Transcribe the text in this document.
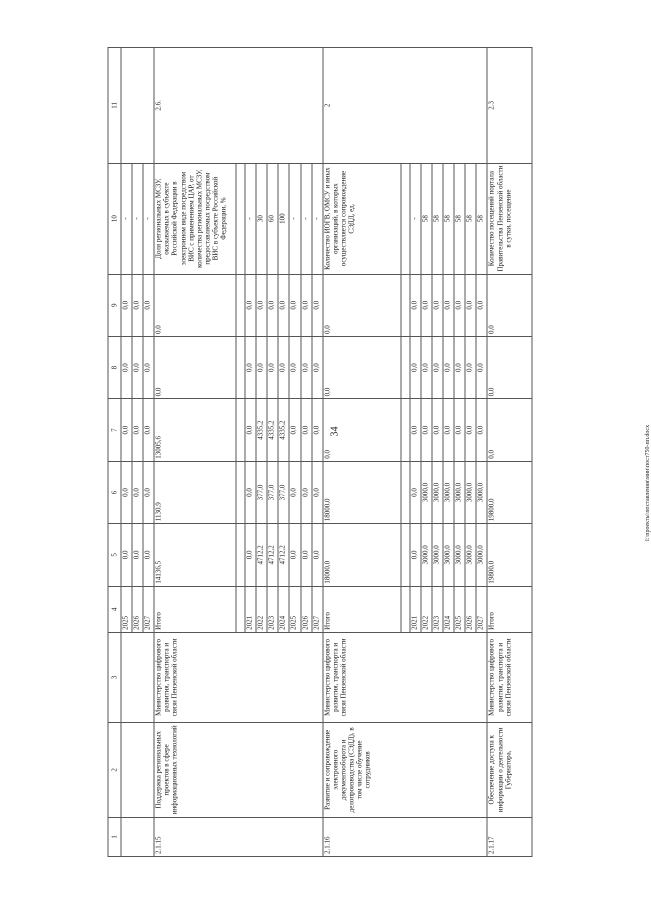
34
1	2	3	4	5	6	7	8	9	10	11
			2025	0,0	0,0	0,0	0,0	0,0	-	
			2026	0,0	0,0	0,0	0,0	0,0	-	
			2027	0,0	0,0	0,0	0,0	0,0	-	
2.1.15	Поддержка региональных проектов в сфере информационных технологий	Министерство цифрового развития, транспорта и связи Пензенской области	Итого	14136,5	1130,9	13005,6	0,0	0,0	Доля региональных МСЗУ, оказываемых в субъекте Российской Федерации в электронном виде посредством ВИС с применением ЦАР, от количества региональных МСЗУ, предоставляемых посредством ВИС в субъекте Российской Федерации, %	2.6.

			2021	0,0	0,0	0,0	0,0	0,0	-	
			2022	4712,2	377,0	4335,2	0,0	0,0	30	
			2023	4712,2	377,0	4335,2	0,0	0,0	60	
			2024	4712,2	377,0	4335,2	0,0	0,0	100	
			2025	0,0	0,0	0,0	0,0	0,0	-	
			2026	0,0	0,0	0,0	0,0	0,0	-	
			2027	0,0	0,0	0,0	0,0	0,0	-	
2.1.16	Развитие и сопровождение электронного документооборота и делопроизводства (СЭДД), в том числе обучение сотрудников	Министерство цифрового развития, транспорта и связи Пензенской области	Итого	18000,0	18000,0	0,0	0,0	0,0	Количество ИОГВ, ОМСУ и иных организаций, в которых осуществляется сопровождение СЭДД, ед.	2

			2021	0,0	0,0	0,0	0,0	0,0	-	
			2022	3000,0	3000,0	0,0	0,0	0,0	58	
			2023	3000,0	3000,0	0,0	0,0	0,0	58	
			2024	3000,0	3000,0	0,0	0,0	0,0	58	
			2025	3000,0	3000,0	0,0	0,0	0,0	58	
			2026	3000,0	3000,0	0,0	0,0	0,0	58	
			2027	3000,0	3000,0	0,0	0,0	0,0	58	
2.1.17	Обеспечение доступа к информации о деятельности Губернатора,	Министерство цифрового развития, транспорта и связи Пензенской области	Итого	19800,0	19800,0	0,0	0,0	0,0	Количество посещений портала Правительства Пензенской области в сутки, посещение	2.3
I:\проекты\поставления\мин\пост750-пп.docx
